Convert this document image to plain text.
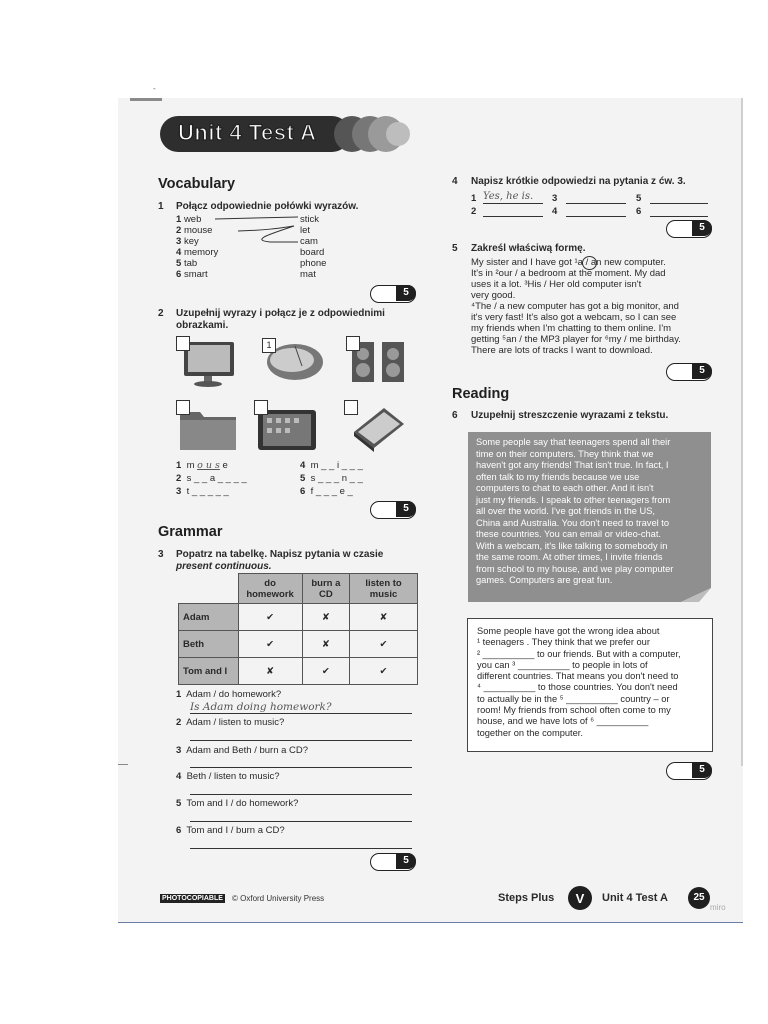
-
Unit 4 Test A
Vocabulary
1 Połącz odpowiednie połówki wyrazów.
1 web
2 mouse
3 key
4 memory
5 tab
6 smart
stick
let
cam
board
phone
mat
5
2 Uzupełnij wyrazy i połącz je z odpowiednimi
obrazkami.
1
1 m o u s e
2 s _ _ a _ _ _ _
3 t _ _ _ _ _
4 m _ _ i _ _ _
5 s _ _ _ n _ _
6 f _ _ _ e _
5
Grammar
3 Popatrz na tabelkę. Napisz pytania w czasie
present continuous.
	do homework	burn a CD	listen to music
Adam	✔	✘	✘
Beth	✔	✘	✔
Tom and I	✘	✔	✔
1 Adam / do homework?
Is Adam doing homework?
2 Adam / listen to music?
3 Adam and Beth / burn a CD?
4 Beth / listen to music?
5 Tom and I / do homework?
6 Tom and I / burn a CD?
5
4 Napisz krótkie odpowiedzi na pytania z ćw. 3.
1 Yes, he is.	3	5
2	4	6
5
5 Zakreśl właściwą formę.
My sister and I have got ¹a / an new computer.
It's in ²our / a bedroom at the moment. My dad
uses it a lot. ³His / Her old computer isn't
very good.
⁴The / a new computer has got a big monitor, and
it's very fast! It's also got a webcam, so I can see
my friends when I'm chatting to them online. I'm
getting ⁵an / the MP3 player for ⁶my / me birthday.
There are lots of tracks I want to download.
5
Reading
6 Uzupełnij streszczenie wyrazami z tekstu.
Some people say that teenagers spend all their
time on their computers. They think that we
haven't got any friends! That isn't true. In fact, I
often talk to my friends because we use
computers to chat to each other. And it isn't
just my friends. I speak to other teenagers from
all over the world. I've got friends in the US,
China and Australia. You don't need to travel to
these countries. You can email or video-chat.
With a webcam, it's like talking to somebody in
the same room. At other times, I invite friends
from school to my house, and we play computer
games. Computers are great fun.
Some people have got the wrong idea about
¹ teenagers . They think that we prefer our
² __________ to our friends. But with a computer,
you can ³ __________ to people in lots of
different countries. That means you don't need to
⁴ __________ to those countries. You don't need
to actually be in the ⁵ __________ country – or
room! My friends from school often come to my
house, and we have lots of ⁶ __________
together on the computer.
5
PHOTOCOPIABLE © Oxford University Press	Steps Plus	V	Unit 4 Test A	25
miro
